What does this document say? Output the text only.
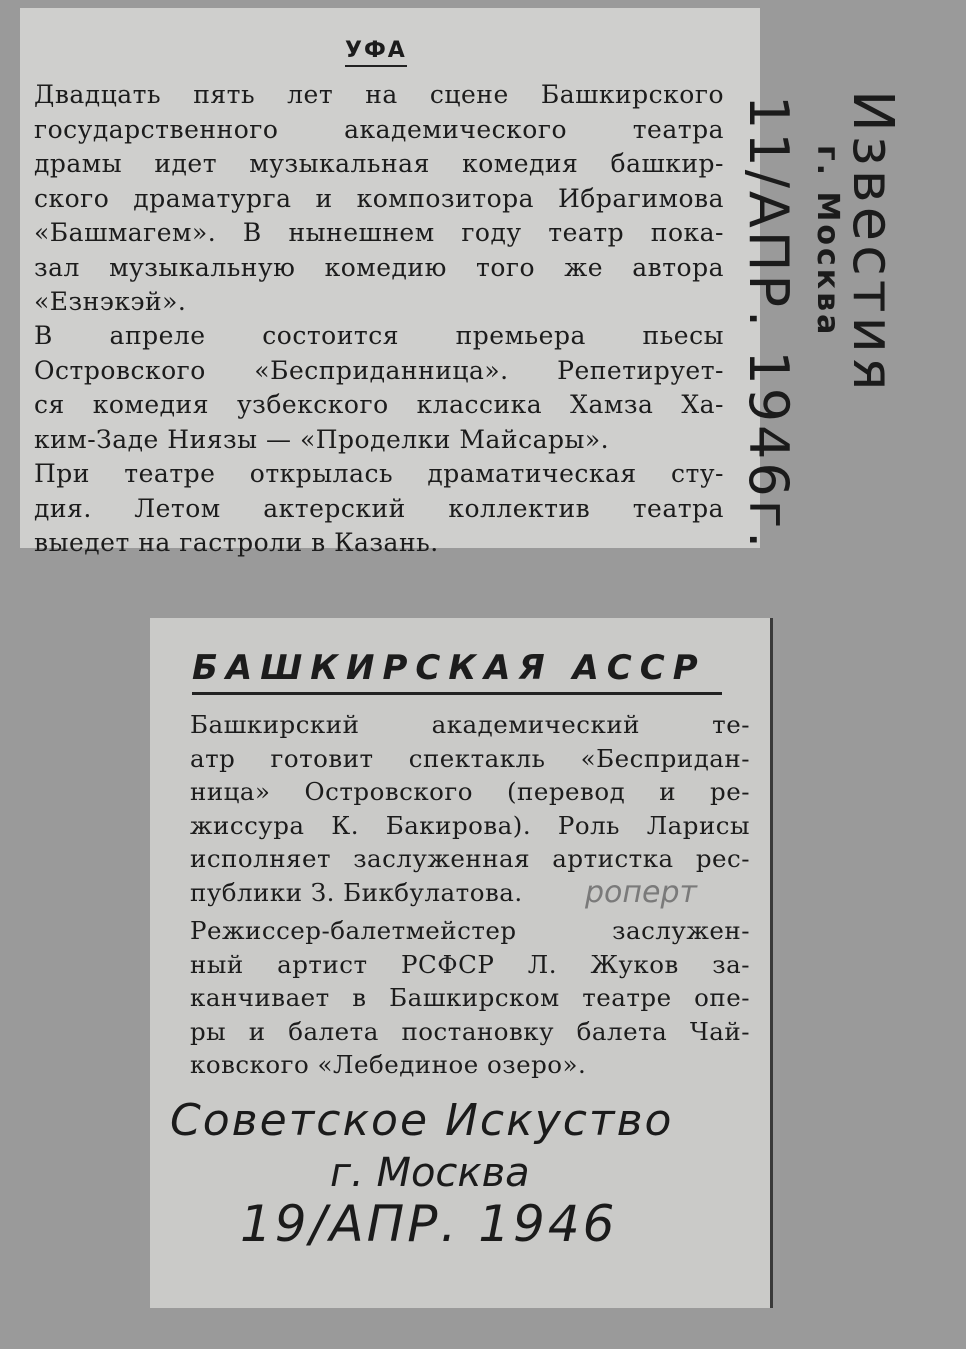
УФА
Двадцать пять лет на сцене Башкирского
государственного академического театра
драмы идет музыкальная комедия башкир-
ского драматурга и композитора Ибрагимова
«Башмагем». В нынешнем году театр пока-
зал музыкальную комедию того же автора
«Езнэкэй».
В апреле состоится премьера пьесы
Островского «Бесприданница». Репетирует-
ся комедия узбекского классика Хамза Ха-
ким-Заде Ниязы — «Проделки Майсары».
При театре открылась драматическая сту-
дия. Летом актерский коллектив театра
выедет на гастроли в Казань.
Известия
г. Москва
11/АПР. 1946г.
БАШКИРСКАЯ АССР
Башкирский академический те-
атр готовит спектакль «Беспридан-
ница» Островского (перевод и ре-
жиссура К. Бакирова). Роль Ларисы
исполняет заслуженная артистка рес-
публики З. Бикбулатова.
Режиссер-балетмейстер заслужен-
ный артист РСФСР Л. Жуков за-
канчивает в Башкирском театре опе-
ры и балета постановку балета Чай-
ковского «Лебединое озеро».
роперт
Советское Искуство
г. Москва
19/АПР. 1946
